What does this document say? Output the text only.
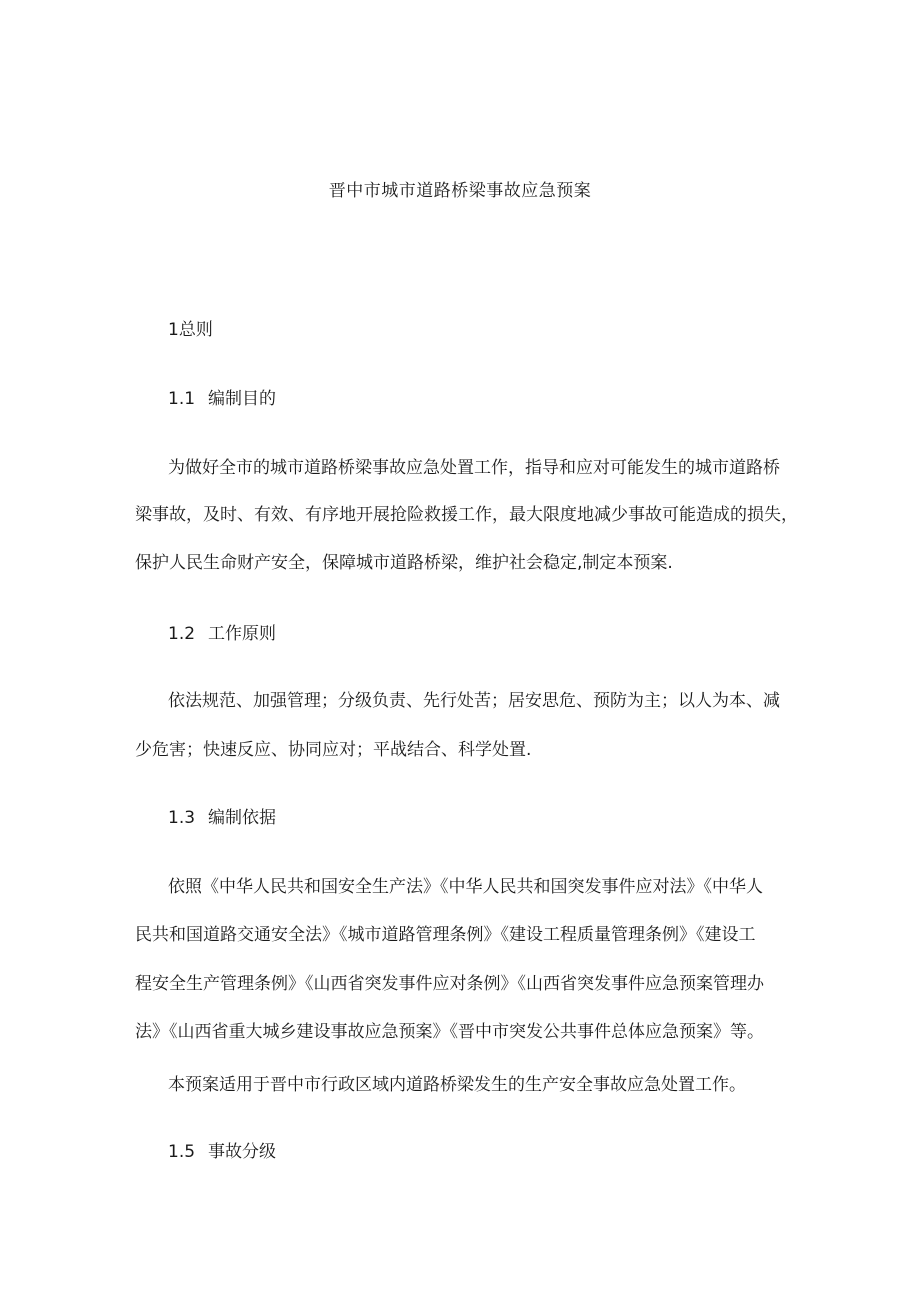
晋中市城市道路桥梁事故应急预案
1总则
1.1 编制目的
为做好全市的城市道路桥梁事故应急处置工作，指导和应对可能发生的城市道路桥
梁事故，及时、有效、有序地开展抢险救援工作，最大限度地减少事故可能造成的损失，
保护人民生命财产安全，保障城市道路桥梁，维护社会稳定,制定本预案.
1.2 工作原则
依法规范、加强管理；分级负责、先行处苦；居安思危、预防为主；以人为本、减
少危害；快速反应、协同应对；平战结合、科学处置.
1.3 编制依据
依照《中华人民共和国安全生产法》《中华人民共和国突发事件应对法》《中华人
民共和国道路交通安全法》《城市道路管理条例》《建设工程质量管理条例》《建设工
程安全生产管理条例》《山西省突发事件应对条例》《山西省突发事件应急预案管理办
法》《山西省重大城乡建设事故应急预案》《晋中市突发公共事件总体应急预案》等。
本预案适用于晋中市行政区域内道路桥梁发生的生产安全事故应急处置工作。
1.5 事故分级
